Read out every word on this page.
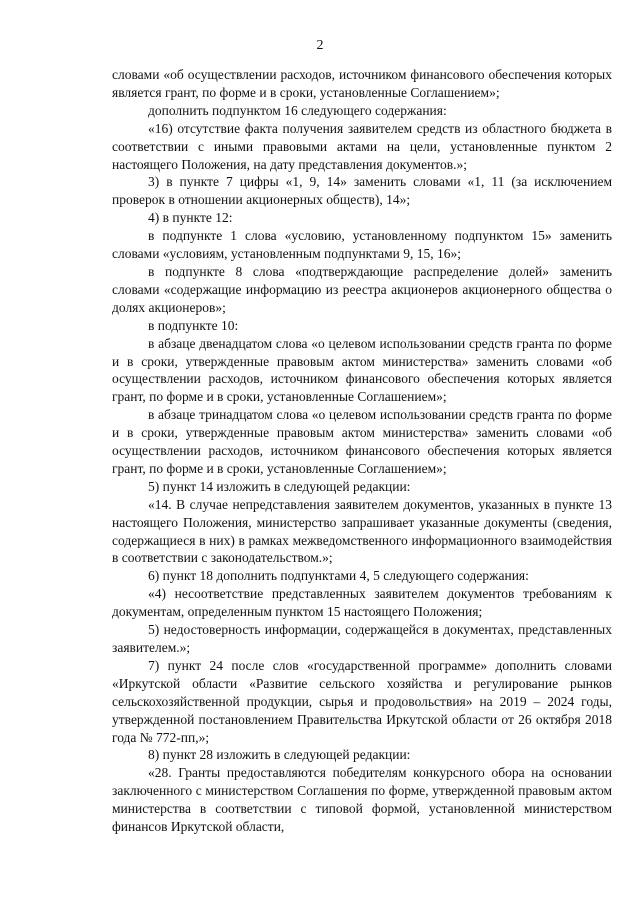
2

словами «об осуществлении расходов, источником финансового обеспечения которых является грант, по форме и в сроки, установленные Соглашением»;

дополнить подпунктом 16 следующего содержания:

«16) отсутствие факта получения заявителем средств из областного бюджета в соответствии с иными правовыми актами на цели, установленные пунктом 2 настоящего Положения, на дату представления документов.»;

3) в пункте 7 цифры «1, 9, 14» заменить словами «1, 11 (за исключением проверок в отношении акционерных обществ), 14»;

4) в пункте 12:

в подпункте 1 слова «условию, установленному подпунктом 15» заменить словами «условиям, установленным подпунктами 9, 15, 16»;

в подпункте 8 слова «подтверждающие распределение долей» заменить словами «содержащие информацию из реестра акционеров акционерного общества о долях акционеров»;

в подпункте 10:

в абзаце двенадцатом слова «о целевом использовании средств гранта по форме и в сроки, утвержденные правовым актом министерства» заменить словами «об осуществлении расходов, источником финансового обеспечения которых является грант, по форме и в сроки, установленные Соглашением»;

в абзаце тринадцатом слова «о целевом использовании средств гранта по форме и в сроки, утвержденные правовым актом министерства» заменить словами «об осуществлении расходов, источником финансового обеспечения которых является грант, по форме и в сроки, установленные Соглашением»;

5) пункт 14 изложить в следующей редакции:

«14. В случае непредставления заявителем документов, указанных в пункте 13 настоящего Положения, министерство запрашивает указанные документы (сведения, содержащиеся в них) в рамках межведомственного информационного взаимодействия в соответствии с законодательством.»;

6) пункт 18 дополнить подпунктами 4, 5 следующего содержания:

«4) несоответствие представленных заявителем документов требованиям к документам, определенным пунктом 15 настоящего Положения;

5) недостоверность информации, содержащейся в документах, представленных заявителем.»;

7) пункт 24 после слов «государственной программе» дополнить словами «Иркутской области «Развитие сельского хозяйства и регулирование рынков сельскохозяйственной продукции, сырья и продовольствия» на 2019 – 2024 годы, утвержденной постановлением Правительства Иркутской области от 26 октября 2018 года № 772-пп,»;

8) пункт 28 изложить в следующей редакции:

«28. Гранты предоставляются победителям конкурсного обора на основании заключенного с министерством Соглашения по форме, утвержденной правовым актом министерства в соответствии с типовой формой, установленной министерством финансов Иркутской области,
